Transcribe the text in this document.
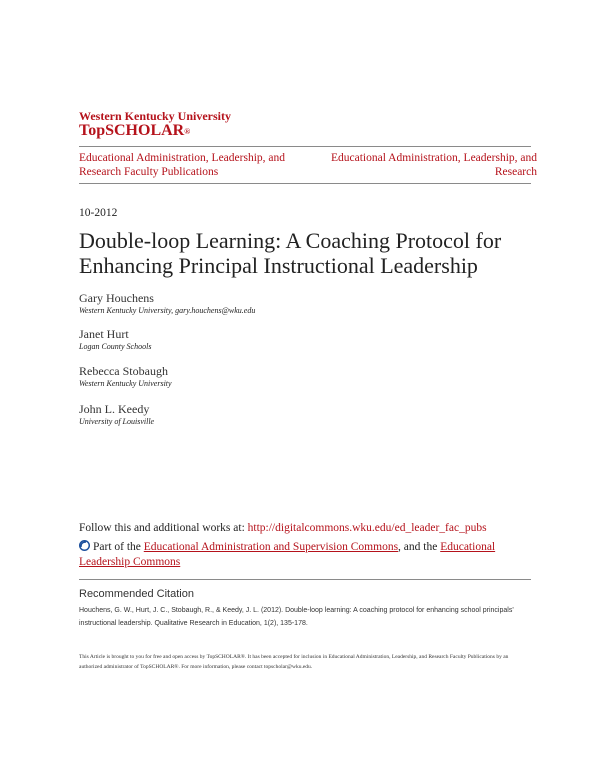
Western Kentucky University
TopSCHOLAR®
Educational Administration, Leadership, and Research Faculty Publications
Educational Administration, Leadership, and Research
10-2012
Double-loop Learning: A Coaching Protocol for Enhancing Principal Instructional Leadership
Gary Houchens
Western Kentucky University, gary.houchens@wku.edu
Janet Hurt
Logan County Schools
Rebecca Stobaugh
Western Kentucky University
John L. Keedy
University of Louisville
Follow this and additional works at: http://digitalcommons.wku.edu/ed_leader_fac_pubs
Part of the Educational Administration and Supervision Commons, and the Educational Leadership Commons
Recommended Citation
Houchens, G. W., Hurt, J. C., Stobaugh, R., & Keedy, J. L. (2012). Double-loop learning: A coaching protocol for enhancing school principals' instructional leadership. Qualitative Research in Education, 1(2), 135-178.
This Article is brought to you for free and open access by TopSCHOLAR®. It has been accepted for inclusion in Educational Administration, Leadership, and Research Faculty Publications by an authorized administrator of TopSCHOLAR®. For more information, please contact topscholar@wku.edu.
